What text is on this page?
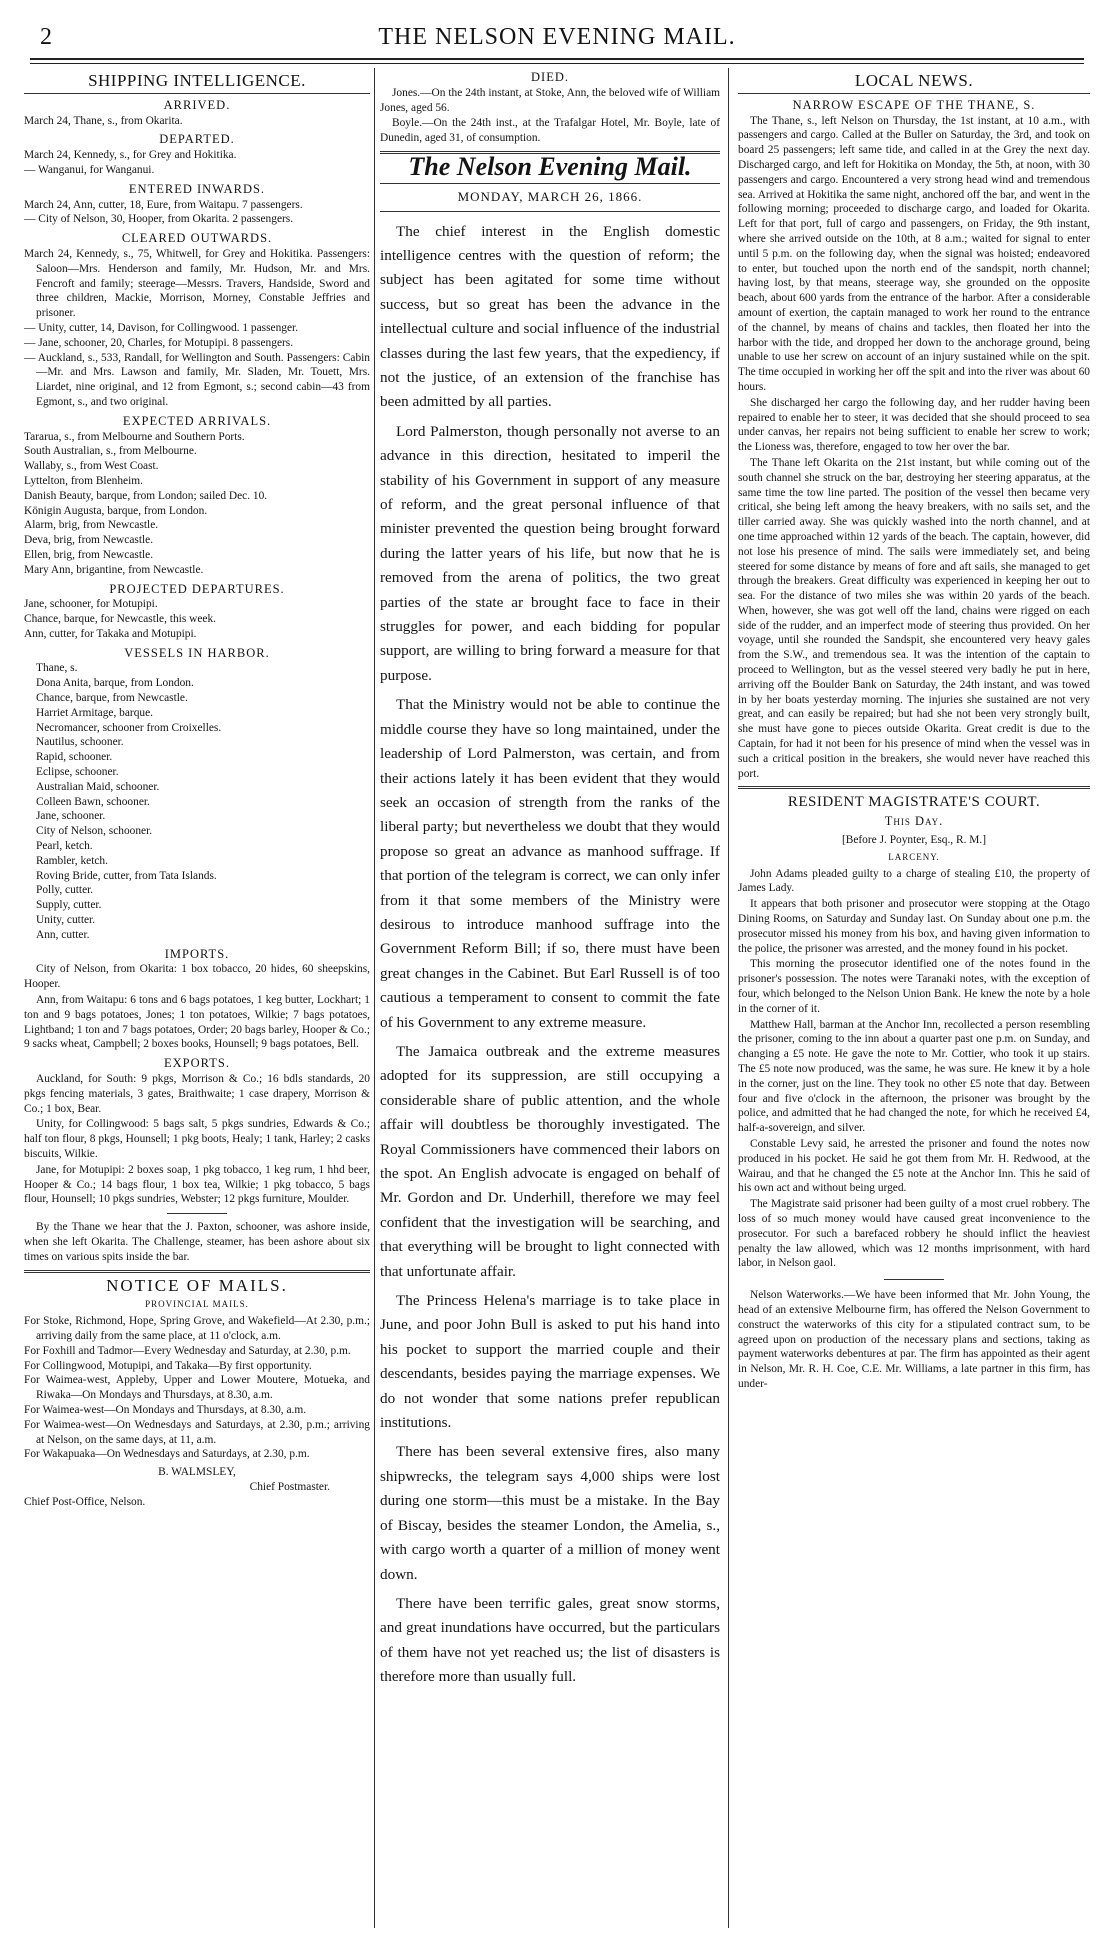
2	THE NELSON EVENING MAIL.
SHIPPING INTELLIGENCE.
ARRIVED.
March 24, Thane, s., from Okarita.
DEPARTED.
March 24, Kennedy, s., for Grey and Hokitika.
— Wanganui, for Wanganui.
ENTERED INWARDS.
March 24, Ann, cutter, 18, Eure, from Waitapu. 7 passengers.
— City of Nelson, 30, Hooper, from Okarita. 2 passengers.
CLEARED OUTWARDS.
March 24, Kennedy, s., 75, Whitwell, for Grey and Hokitika. Passengers: Saloon—Mrs. Henderson and family, Mr. Hudson, Mr. and Mrs. Fencroft and family; steerage—Messrs. Travers, Handside, Sword and three children, Mackie, Morrison, Morney, Constable Jeffries and prisoner.
— Unity, cutter, 14, Davison, for Collingwood. 1 passenger.
— Jane, schooner, 20, Charles, for Motupipi. 8 passengers.
— Auckland, s., 533, Randall, for Wellington and South. Passengers: Cabin—Mr. and Mrs. Lawson and family, Mr. Sladen, Mr. Touett, Mrs. Liardet, nine original, and 12 from Egmont, s.; second cabin—43 from Egmont, s., and two original.
EXPECTED ARRIVALS.
Tararua, s., from Melbourne and Southern Ports.
South Australian, s., from Melbourne.
Wallaby, s., from West Coast.
Lyttelton, from Blenheim.
Danish Beauty, barque, from London; sailed Dec. 10.
Königin Augusta, barque, from London.
Alarm, brig, from Newcastle.
Deva, brig, from Newcastle.
Ellen, brig, from Newcastle.
Mary Ann, brigantine, from Newcastle.
PROJECTED DEPARTURES.
Jane, schooner, for Motupipi.
Chance, barque, for Newcastle, this week.
Ann, cutter, for Takaka and Motupipi.
VESSELS IN HARBOR.
Thane, s.
Dona Anita, barque, from London.
Chance, barque, from Newcastle.
Harriet Armitage, barque.
Necromancer, schooner from Croixelles.
Nautilus, schooner.
Rapid, schooner.
Eclipse, schooner.
Australian Maid, schooner.
Colleen Bawn, schooner.
Jane, schooner.
City of Nelson, schooner.
Pearl, ketch.
Rambler, ketch.
Roving Bride, cutter, from Tata Islands.
Polly, cutter.
Supply, cutter.
Unity, cutter.
Ann, cutter.
IMPORTS.

City of Nelson, from Okarita: 1 box tobacco, 20 hides, 60 sheepskins, Hooper.

Ann, from Waitapu: 6 tons and 6 bags potatoes, 1 keg butter, Lockhart; 1 ton and 9 bags potatoes, Jones; 1 ton potatoes, Wilkie; 7 bags potatoes, Lightband; 1 ton and 7 bags potatoes, Order; 20 bags barley, Hooper & Co.; 9 sacks wheat, Campbell; 2 boxes books, Hounsell; 9 bags potatoes, Bell.

EXPORTS.

Auckland, for South: 9 pkgs, Morrison & Co.; 16 bdls standards, 20 pkgs fencing materials, 3 gates, Braithwaite; 1 case drapery, Morrison & Co.; 1 box, Bear.

Unity, for Collingwood: 5 bags salt, 5 pkgs sundries, Edwards & Co.; half ton flour, 8 pkgs, Hounsell; 1 pkg boots, Healy; 1 tank, Harley; 2 casks biscuits, Wilkie.

Jane, for Motupipi: 2 boxes soap, 1 pkg tobacco, 1 keg rum, 1 hhd beer, Hooper & Co.; 14 bags flour, 1 box tea, Wilkie; 1 pkg tobacco, 5 bags flour, Hounsell; 10 pkgs sundries, Webster; 12 pkgs furniture, Moulder.

By the Thane we hear that the J. Paxton, schooner, was ashore inside, when she left Okarita. The Challenge, steamer, has been ashore about six times on various spits inside the bar.

NOTICE OF MAILS.
PROVINCIAL MAILS.
For Stoke, Richmond, Hope, Spring Grove, and Wakefield—At 2.30, p.m.; arriving daily from the same place, at 11 o'clock, a.m.
For Foxhill and Tadmor—Every Wednesday and Saturday, at 2.30, p.m.
For Collingwood, Motupipi, and Takaka—By first opportunity.
For Waimea-west, Appleby, Upper and Lower Moutere, Motueka, and Riwaka—On Mondays and Thursdays, at 8.30, a.m.
For Waimea-west—On Mondays and Thursdays, at 8.30, a.m.
For Waimea-west—On Wednesdays and Saturdays, at 2.30, p.m.; arriving at Nelson, on the same days, at 11, a.m.
For Wakapuaka—On Wednesdays and Saturdays, at 2.30, p.m.
B. WALMSLEY,
Chief Postmaster.
Chief Post-Office, Nelson.
DIED.

Jones.—On the 24th instant, at Stoke, Ann, the beloved wife of William Jones, aged 56.

Boyle.—On the 24th inst., at the Trafalgar Hotel, Mr. Boyle, late of Dunedin, aged 31, of consumption.

The Nelson Evening Mail.
MONDAY, MARCH 26, 1866.

The chief interest in the English domestic intelligence centres with the question of reform; the subject has been agitated for some time without success, but so great has been the advance in the intellectual culture and social influence of the industrial classes during the last few years, that the expediency, if not the justice, of an extension of the franchise has been admitted by all parties.

Lord Palmerston, though personally not averse to an advance in this direction, hesitated to imperil the stability of his Government in support of any measure of reform, and the great personal influence of that minister prevented the question being brought forward during the latter years of his life, but now that he is removed from the arena of politics, the two great parties of the state ar brought face to face in their struggles for power, and each bidding for popular support, are willing to bring forward a measure for that purpose.

That the Ministry would not be able to continue the middle course they have so long maintained, under the leadership of Lord Palmerston, was certain, and from their actions lately it has been evident that they would seek an occasion of strength from the ranks of the liberal party; but nevertheless we doubt that they would propose so great an advance as manhood suffrage. If that portion of the telegram is correct, we can only infer from it that some members of the Ministry were desirous to introduce manhood suffrage into the Government Reform Bill; if so, there must have been great changes in the Cabinet. But Earl Russell is of too cautious a temperament to consent to commit the fate of his Government to any extreme measure.

The Jamaica outbreak and the extreme measures adopted for its suppression, are still occupying a considerable share of public attention, and the whole affair will doubtless be thoroughly investigated. The Royal Commissioners have commenced their labors on the spot. An English advocate is engaged on behalf of Mr. Gordon and Dr. Underhill, therefore we may feel confident that the investigation will be searching, and that everything will be brought to light connected with that unfortunate affair.

The Princess Helena's marriage is to take place in June, and poor John Bull is asked to put his hand into his pocket to support the married couple and their descendants, besides paying the marriage expenses. We do not wonder that some nations prefer republican institutions.

There has been several extensive fires, also many shipwrecks, the telegram says 4,000 ships were lost during one storm—this must be a mistake. In the Bay of Biscay, besides the steamer London, the Amelia, s., with cargo worth a quarter of a million of money went down.

There have been terrific gales, great snow storms, and great inundations have occurred, but the particulars of them have not yet reached us; the list of disasters is therefore more than usually full.

LOCAL NEWS.
NARROW ESCAPE OF THE THANE, S.

The Thane, s., left Nelson on Thursday, the 1st instant, at 10 a.m., with passengers and cargo. Called at the Buller on Saturday, the 3rd, and took on board 25 passengers; left same tide, and called in at the Grey the next day. Discharged cargo, and left for Hokitika on Monday, the 5th, at noon, with 30 passengers and cargo. Encountered a very strong head wind and tremendous sea. Arrived at Hokitika the same night, anchored off the bar, and went in the following morning; proceeded to discharge cargo, and loaded for Okarita. Left for that port, full of cargo and passengers, on Friday, the 9th instant, where she arrived outside on the 10th, at 8 a.m.; waited for signal to enter until 5 p.m. on the following day, when the signal was hoisted; endeavored to enter, but touched upon the north end of the sandspit, north channel; having lost, by that means, steerage way, she grounded on the opposite beach, about 600 yards from the entrance of the harbor. After a considerable amount of exertion, the captain managed to work her round to the entrance of the channel, by means of chains and tackles, then floated her into the harbor with the tide, and dropped her down to the anchorage ground, being unable to use her screw on account of an injury sustained while on the spit. The time occupied in working her off the spit and into the river was about 60 hours.

She discharged her cargo the following day, and her rudder having been repaired to enable her to steer, it was decided that she should proceed to sea under canvas, her repairs not being sufficient to enable her screw to work; the Lioness was, therefore, engaged to tow her over the bar.

The Thane left Okarita on the 21st instant, but while coming out of the south channel she struck on the bar, destroying her steering apparatus, at the same time the tow line parted. The position of the vessel then became very critical, she being left among the heavy breakers, with no sails set, and the tiller carried away. She was quickly washed into the north channel, and at one time approached within 12 yards of the beach. The captain, however, did not lose his presence of mind. The sails were immediately set, and being steered for some distance by means of fore and aft sails, she managed to get through the breakers. Great difficulty was experienced in keeping her out to sea. For the distance of two miles she was within 20 yards of the beach. When, however, she was got well off the land, chains were rigged on each side of the rudder, and an imperfect mode of steering thus provided. On her voyage, until she rounded the Sandspit, she encountered very heavy gales from the S.W., and tremendous sea. It was the intention of the captain to proceed to Wellington, but as the vessel steered very badly he put in here, arriving off the Boulder Bank on Saturday, the 24th instant, and was towed in by her boats yesterday morning. The injuries she sustained are not very great, and can easily be repaired; but had she not been very strongly built, she must have gone to pieces outside Okarita. Great credit is due to the Captain, for had it not been for his presence of mind when the vessel was in such a critical position in the breakers, she would never have reached this port.

RESIDENT MAGISTRATE'S COURT.
This Day.
[Before J. Poynter, Esq., R. M.]
LARCENY.

John Adams pleaded guilty to a charge of stealing £10, the property of James Lady.

It appears that both prisoner and prosecutor were stopping at the Otago Dining Rooms, on Saturday and Sunday last. On Sunday about one p.m. the prosecutor missed his money from his box, and having given information to the police, the prisoner was arrested, and the money found in his pocket.

This morning the prosecutor identified one of the notes found in the prisoner's possession. The notes were Taranaki notes, with the exception of four, which belonged to the Nelson Union Bank. He knew the note by a hole in the corner of it.

Matthew Hall, barman at the Anchor Inn, recollected a person resembling the prisoner, coming to the inn about a quarter past one p.m. on Sunday, and changing a £5 note. He gave the note to Mr. Cottier, who took it up stairs. The £5 note now produced, was the same, he was sure. He knew it by a hole in the corner, just on the line. They took no other £5 note that day. Between four and five o'clock in the afternoon, the prisoner was brought by the police, and admitted that he had changed the note, for which he received £4, half-a-sovereign, and silver.

Constable Levy said, he arrested the prisoner and found the notes now produced in his pocket. He said he got them from Mr. H. Redwood, at the Wairau, and that he changed the £5 note at the Anchor Inn. This he said of his own act and without being urged.

The Magistrate said prisoner had been guilty of a most cruel robbery. The loss of so much money would have caused great inconvenience to the prosecutor. For such a barefaced robbery he should inflict the heaviest penalty the law allowed, which was 12 months imprisonment, with hard labor, in Nelson gaol.

Nelson Waterworks.—We have been informed that Mr. John Young, the head of an extensive Melbourne firm, has offered the Nelson Government to construct the waterworks of this city for a stipulated contract sum, to be agreed upon on production of the necessary plans and sections, taking as payment waterworks debentures at par. The firm has appointed as their agent in Nelson, Mr. R. H. Coe, C.E. Mr. Williams, a late partner in this firm, has under-
